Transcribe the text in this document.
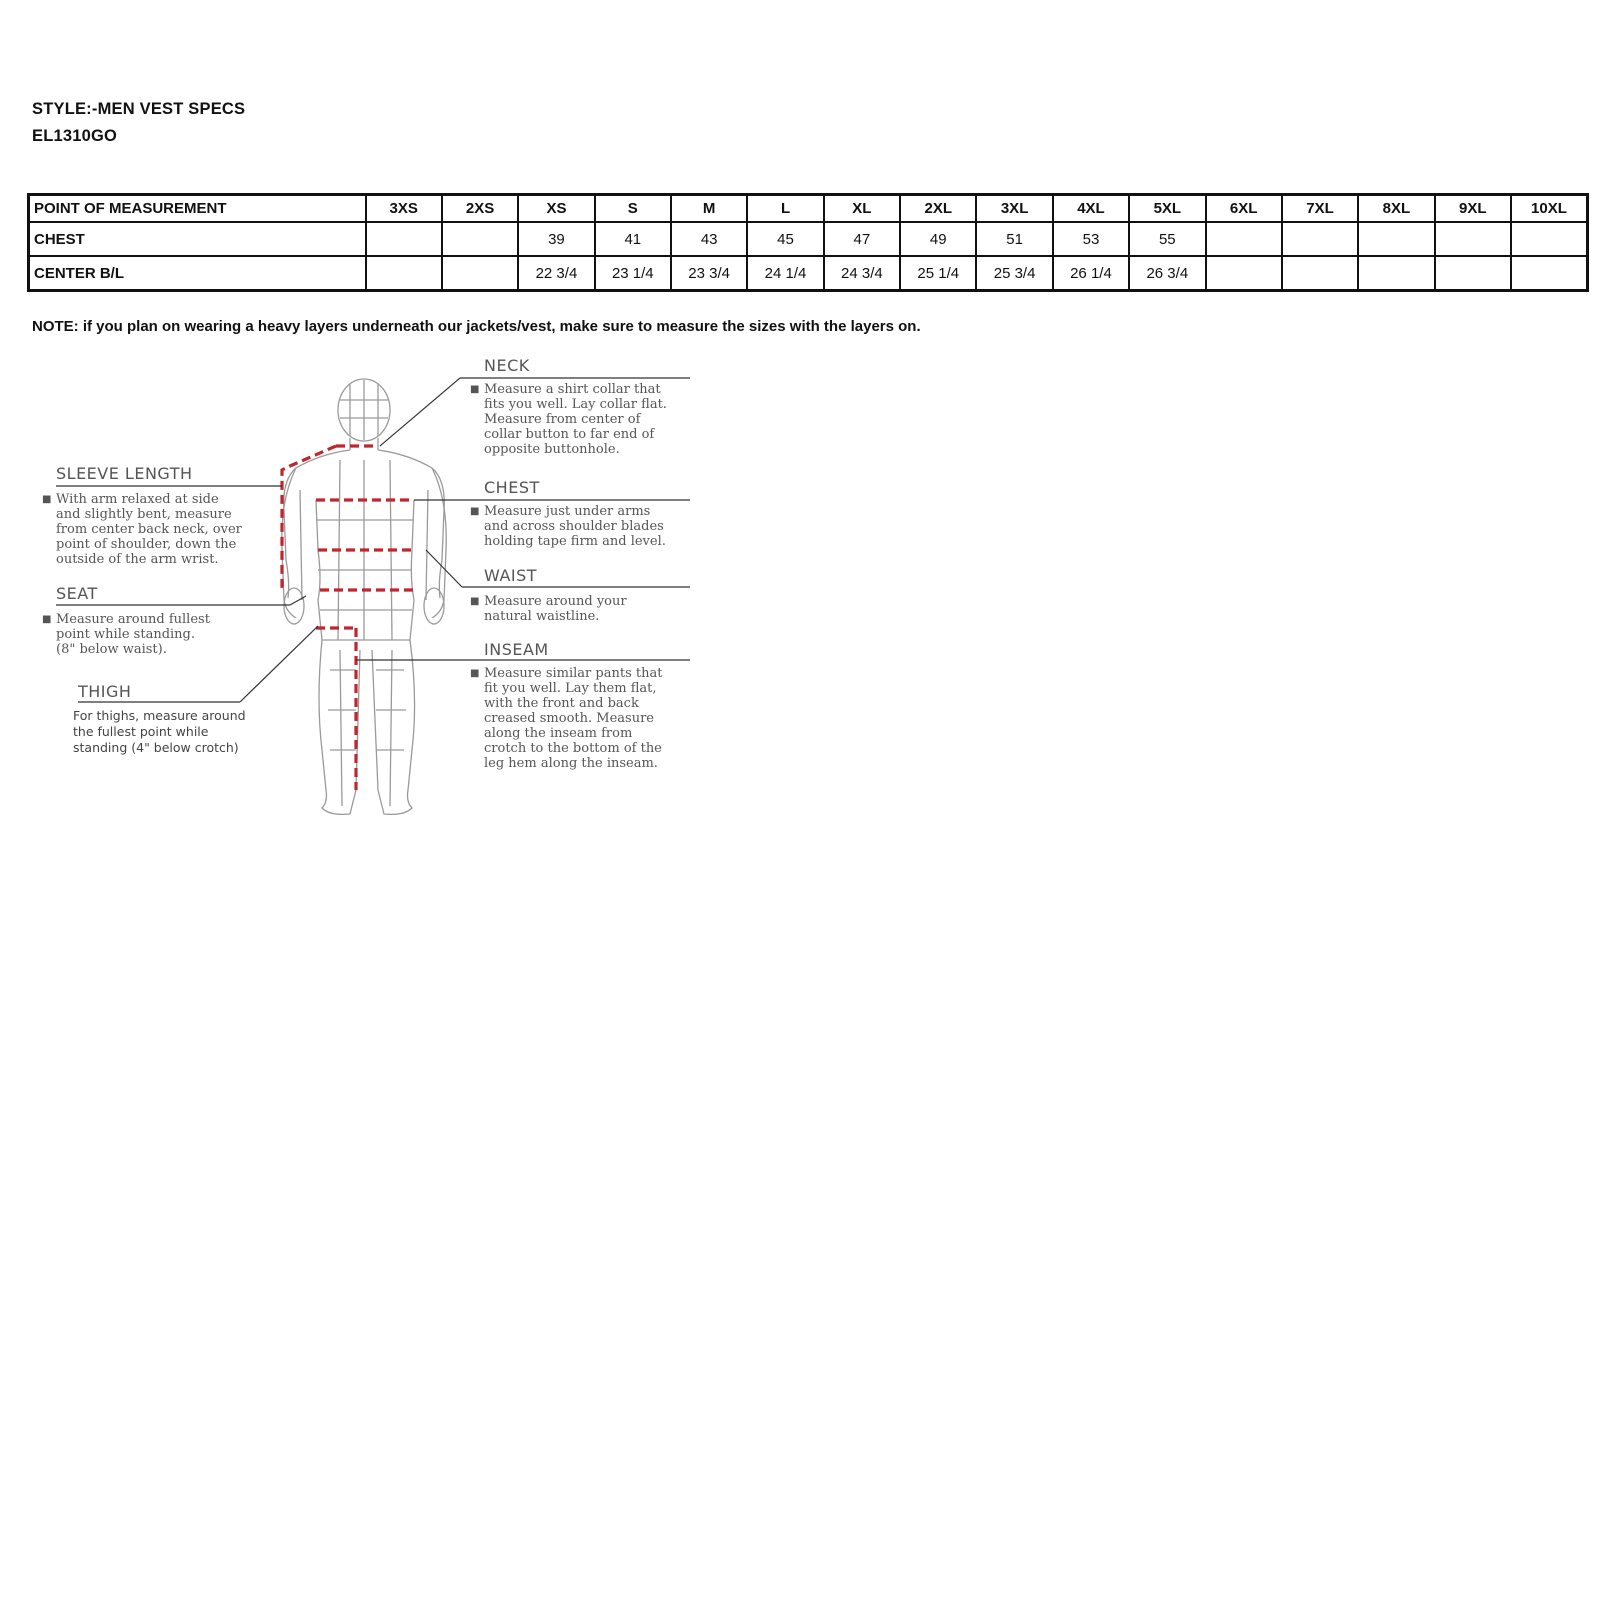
STYLE:-MEN VEST SPECS
EL1310GO
POINT OF MEASUREMENT	3XS	2XS	XS	S	M	L	XL	2XL	3XL	4XL	5XL	6XL	7XL	8XL	9XL	10XL
CHEST			39	41	43	45	47	49	51	53	55					
CENTER B/L			22 3/4	23 1/4	23 3/4	24 1/4	24 3/4	25 1/4	25 3/4	26 1/4	26 3/4					
NOTE: if you plan on wearing a heavy layers underneath our jackets/vest, make sure to measure the sizes with the layers on.
NECK
■ Measure a shirt collar that

fits you well. Lay collar flat.

Measure from center of

collar button to far end of

opposite buttonhole.

CHEST
■ Measure just under arms

and across shoulder blades

holding tape firm and level.

WAIST
■ Measure around your

natural waistline.

INSEAM
■ Measure similar pants that

fit you well. Lay them flat,

with the front and back

creased smooth. Measure

along the inseam from

crotch to the bottom of the

leg hem along the inseam.

SLEEVE LENGTH
■ With arm relaxed at side

and slightly bent, measure

from center back neck, over

point of shoulder, down the

outside of the arm wrist.

SEAT
■ Measure around fullest

point while standing.

(8" below waist).

THIGH

For thighs, measure around

the fullest point while

standing (4" below crotch)
